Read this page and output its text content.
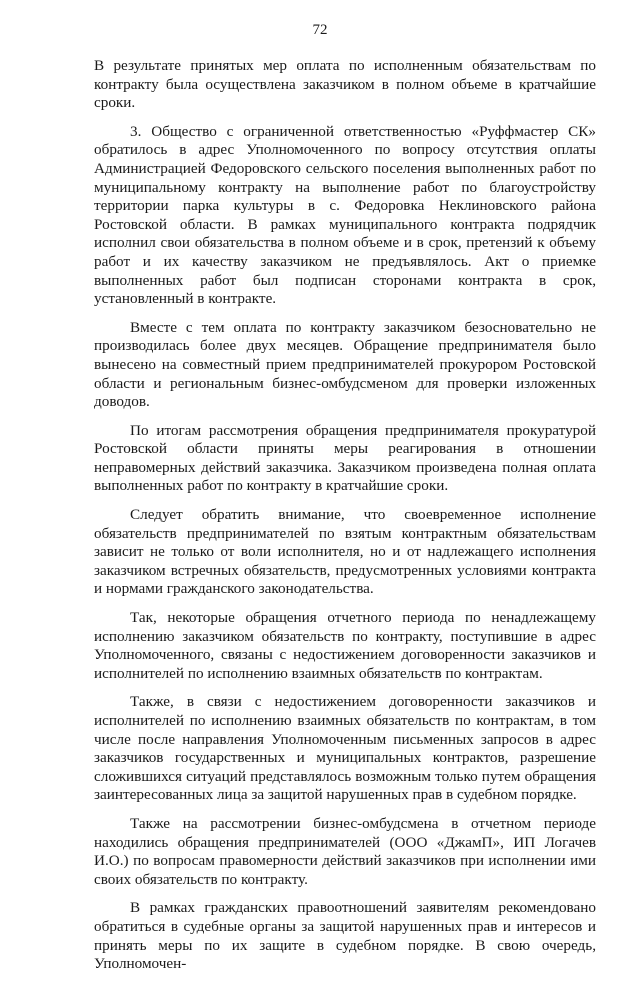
72

В результате принятых мер оплата по исполненным обязательствам по контракту была осуществлена заказчиком в полном объеме в кратчайшие сроки.

3. Общество с ограниченной ответственностью «Руффмастер СК» обратилось в адрес Уполномоченного по вопросу отсутствия оплаты Администрацией Федоровского сельского поселения выполненных работ по муниципальному контракту на выполнение работ по благоустройству территории парка культуры в с. Федоровка Неклиновского района Ростовской области. В рамках муниципального контракта подрядчик исполнил свои обязательства в полном объеме и в срок, претензий к объему работ и их качеству заказчиком не предъявлялось. Акт о приемке выполненных работ был подписан сторонами контракта в срок, установленный в контракте.

Вместе с тем оплата по контракту заказчиком безосновательно не производилась более двух месяцев. Обращение предпринимателя было вынесено на совместный прием предпринимателей прокурором Ростовской области и региональным бизнес-омбудсменом для проверки изложенных доводов.

По итогам рассмотрения обращения предпринимателя прокуратурой Ростовской области приняты меры реагирования в отношении неправомерных действий заказчика. Заказчиком произведена полная оплата выполненных работ по контракту в кратчайшие сроки.

Следует обратить внимание, что своевременное исполнение обязательств предпринимателей по взятым контрактным обязательствам зависит не только от воли исполнителя, но и от надлежащего исполнения заказчиком встречных обязательств, предусмотренных условиями контракта и нормами гражданского законодательства.

Так, некоторые обращения отчетного периода по ненадлежащему исполнению заказчиком обязательств по контракту, поступившие в адрес Уполномоченного, связаны с недостижением договоренности заказчиков и исполнителей по исполнению взаимных обязательств по контрактам.

Также, в связи с недостижением договоренности заказчиков и исполнителей по исполнению взаимных обязательств по контрактам, в том числе после направления Уполномоченным письменных запросов в адрес заказчиков государственных и муниципальных контрактов, разрешение сложившихся ситуаций представлялось возможным только путем обращения заинтересованных лица за защитой нарушенных прав в судебном порядке.

Также на рассмотрении бизнес-омбудсмена в отчетном периоде находились обращения предпринимателей (ООО «ДжамП», ИП Логачев И.О.) по вопросам правомерности действий заказчиков при исполнении ими своих обязательств по контракту.

В рамках гражданских правоотношений заявителям рекомендовано обратиться в судебные органы за защитой нарушенных прав и интересов и принять меры по их защите в судебном порядке. В свою очередь, Уполномочен-
